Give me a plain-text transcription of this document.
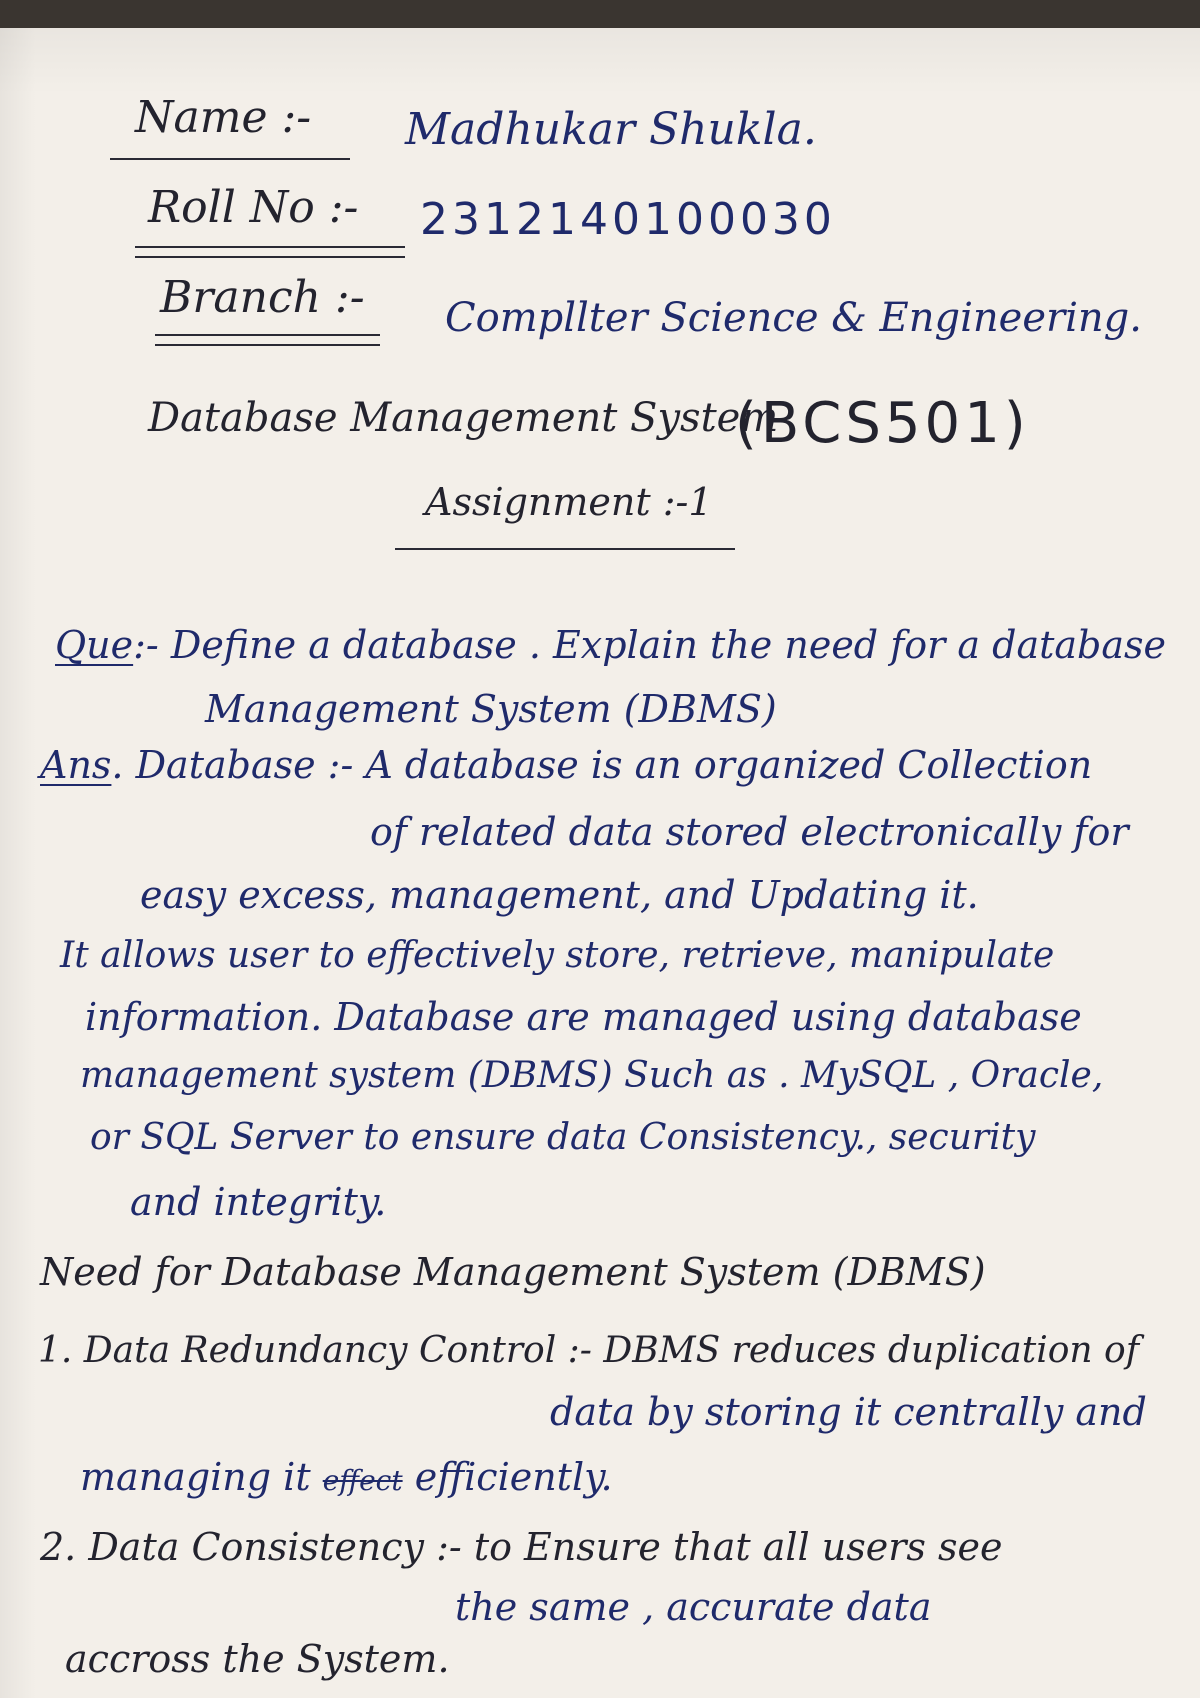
Name :- Madhukar Shukla.
Roll No :- 2312140100030
Branch :- Compllter Science & Engineering.
Database Management System
(BCS501)
Assignment :-1
Que:- Define a database . Explain the need for a database
Management System (DBMS)
Ans. Database :- A database is an organized Collection
of related data stored electronically for
easy excess, management, and Updating it.
It allows user to effectively store, retrieve, manipulate
information. Database are managed using database
management system (DBMS) Such as . MySQL , Oracle,
or SQL Server to ensure data Consistency., security
and integrity.
Need for Database Management System (DBMS)
1. Data Redundancy Control :- DBMS reduces duplication of
data by storing it centrally and
managing it effect efficiently.
2. Data Consistency :- to Ensure that all users see
the same , accurate data
accross the System.
